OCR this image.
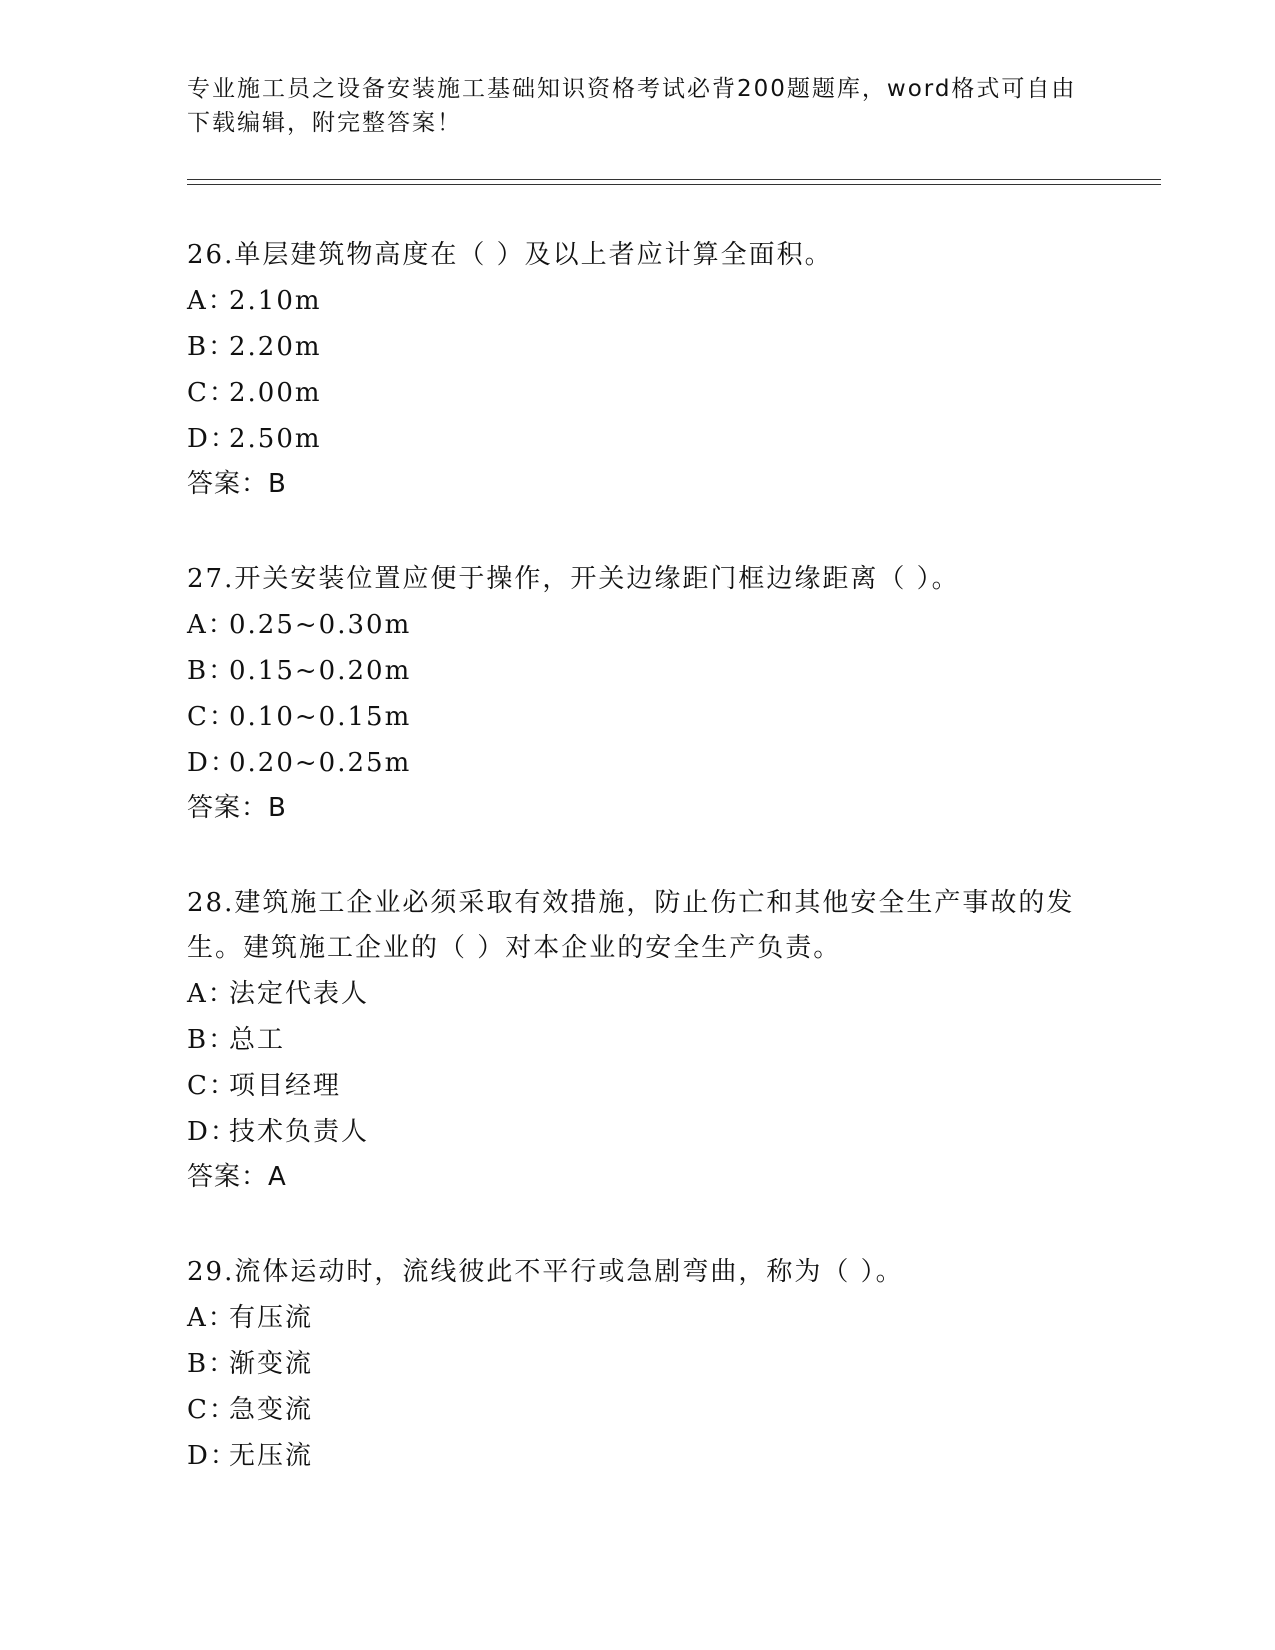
专业施工员之设备安装施工基础知识资格考试必背200题题库，word格式可自由
下载编辑，附完整答案！
26.单层建筑物高度在（ ）及以上者应计算全面积。
A：2.10m
B：2.20m
C：2.00m
D：2.50m
答案：B
27.开关安装位置应便于操作，开关边缘距门框边缘距离（ ）。
A：0.25~0.30m
B：0.15~0.20m
C：0.10~0.15m
D：0.20~0.25m
答案：B
28.建筑施工企业必须采取有效措施，防止伤亡和其他安全生产事故的发生。建筑施工企业的（ ）对本企业的安全生产负责。
A：法定代表人
B：总工
C：项目经理
D：技术负责人
答案：A
29.流体运动时，流线彼此不平行或急剧弯曲，称为（ ）。
A：有压流
B：渐变流
C：急变流
D：无压流
